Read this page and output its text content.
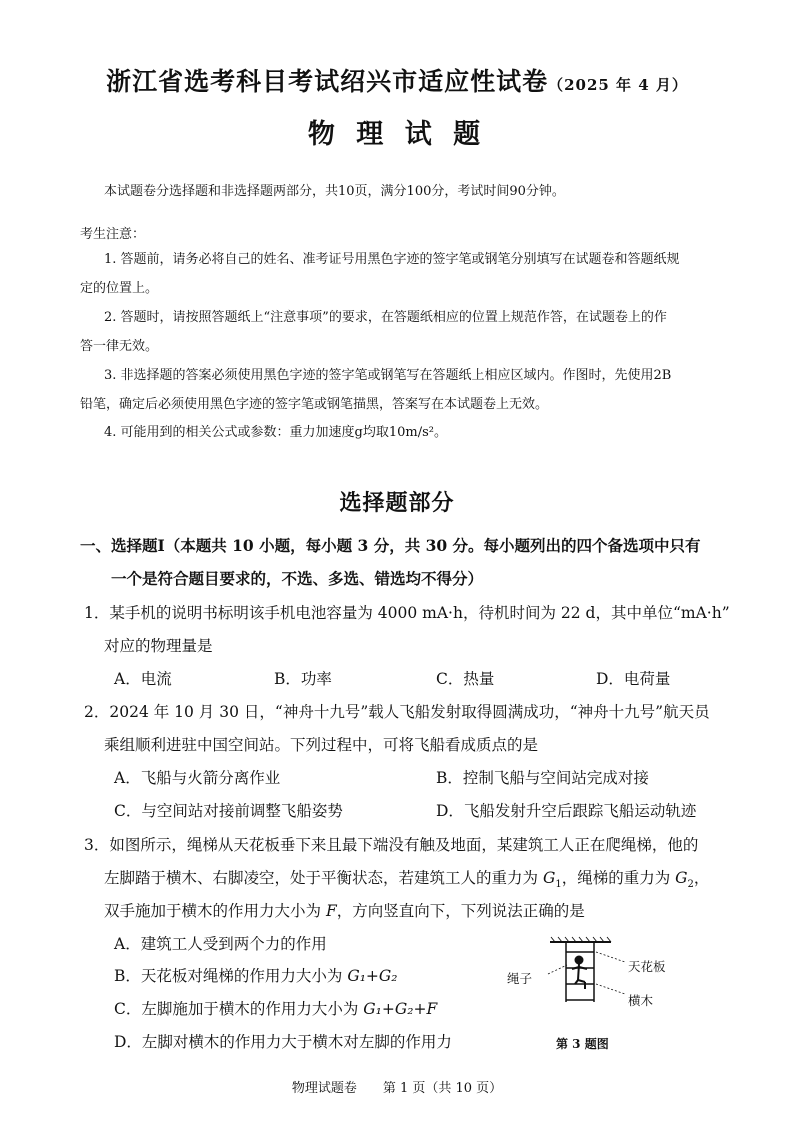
浙江省选考科目考试绍兴市适应性试卷（2025 年 4 月）
物 理 试 题
本试题卷分选择题和非选择题两部分，共10页，满分100分，考试时间90分钟。
考生注意：
1. 答题前，请务必将自己的姓名、准考证号用黑色字迹的签字笔或钢笔分别填写在试题卷和答题纸规
定的位置上。
2. 答题时，请按照答题纸上“注意事项”的要求，在答题纸相应的位置上规范作答，在试题卷上的作
答一律无效。
3. 非选择题的答案必须使用黑色字迹的签字笔或钢笔写在答题纸上相应区域内。作图时，先使用2B
铅笔，确定后必须使用黑色字迹的签字笔或钢笔描黑，答案写在本试题卷上无效。
4. 可能用到的相关公式或参数：重力加速度g均取10m/s²。
选择题部分
一、选择题Ⅰ（本题共 10 小题，每小题 3 分，共 30 分。每小题列出的四个备选项中只有
一个是符合题目要求的，不选、多选、错选均不得分）
1．某手机的说明书标明该手机电池容量为 4000 mA·h，待机时间为 22 d，其中单位“mA·h”
对应的物理量是
A．电流	B．功率	C．热量	D．电荷量
2．2024 年 10 月 30 日，“神舟十九号”载人飞船发射取得圆满成功，“神舟十九号”航天员
乘组顺利进驻中国空间站。下列过程中，可将飞船看成质点的是
A．飞船与火箭分离作业	B．控制飞船与空间站完成对接
C．与空间站对接前调整飞船姿势	D．飞船发射升空后跟踪飞船运动轨迹
3．如图所示，绳梯从天花板垂下来且最下端没有触及地面，某建筑工人正在爬绳梯，他的
左脚踏于横木、右脚凌空，处于平衡状态，若建筑工人的重力为 $G_1$，绳梯的重力为 $G_2$，
双手施加于横木的作用力大小为 F，方向竖直向下，下列说法正确的是
A．建筑工人受到两个力的作用
B．天花板对绳梯的作用力大小为 G₁+G₂
C．左脚施加于横木的作用力大小为 G₁+G₂+F
D．左脚对横木的作用力大于横木对左脚的作用力
天花板
绳子
横木
第 3 题图
物理试题卷　　第 1 页（共 10 页）
